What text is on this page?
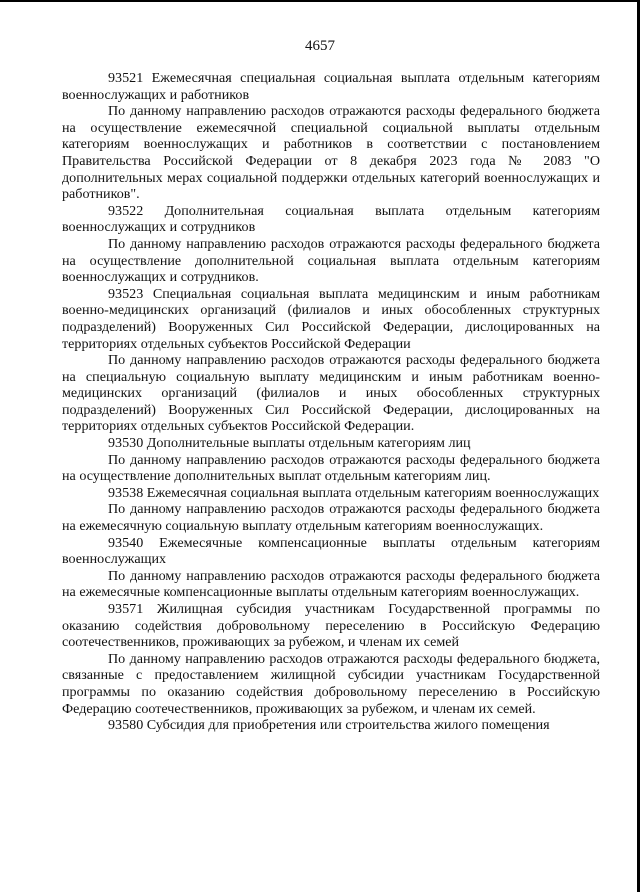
4657

93521 Ежемесячная специальная социальная выплата отдельным категориям военнослужащих и работников

По данному направлению расходов отражаются расходы федерального бюджета на осуществление ежемесячной специальной социальной выплаты отдельным категориям военнослужащих и работников в соответствии с постановлением Правительства Российской Федерации от 8 декабря 2023 года № 2083 "О дополнительных мерах социальной поддержки отдельных категорий военнослужащих и работников".

93522 Дополнительная социальная выплата отдельным категориям военнослужащих и сотрудников

По данному направлению расходов отражаются расходы федерального бюджета на осуществление дополнительной социальная выплата отдельным категориям военнослужащих и сотрудников.

93523 Специальная социальная выплата медицинским и иным работникам военно-медицинских организаций (филиалов и иных обособленных структурных подразделений) Вооруженных Сил Российской Федерации, дислоцированных на территориях отдельных субъектов Российской Федерации

По данному направлению расходов отражаются расходы федерального бюджета на специальную социальную выплату медицинским и иным работникам военно-медицинских организаций (филиалов и иных обособленных структурных подразделений) Вооруженных Сил Российской Федерации, дислоцированных на территориях отдельных субъектов Российской Федерации.

93530 Дополнительные выплаты отдельным категориям лиц

По данному направлению расходов отражаются расходы федерального бюджета на осуществление дополнительных выплат отдельным категориям лиц.

93538 Ежемесячная социальная выплата отдельным категориям военнослужащих

По данному направлению расходов отражаются расходы федерального бюджета на ежемесячную социальную выплату отдельным категориям военнослужащих.

93540 Ежемесячные компенсационные выплаты отдельным категориям военнослужащих

По данному направлению расходов отражаются расходы федерального бюджета на ежемесячные компенсационные выплаты отдельным категориям военнослужащих.

93571 Жилищная субсидия участникам Государственной программы по оказанию содействия добровольному переселению в Российскую Федерацию соотечественников, проживающих за рубежом, и членам их семей

По данному направлению расходов отражаются расходы федерального бюджета, связанные с предоставлением жилищной субсидии участникам Государственной программы по оказанию содействия добровольному переселению в Российскую Федерацию соотечественников, проживающих за рубежом, и членам их семей.

93580 Субсидия для приобретения или строительства жилого помещения
